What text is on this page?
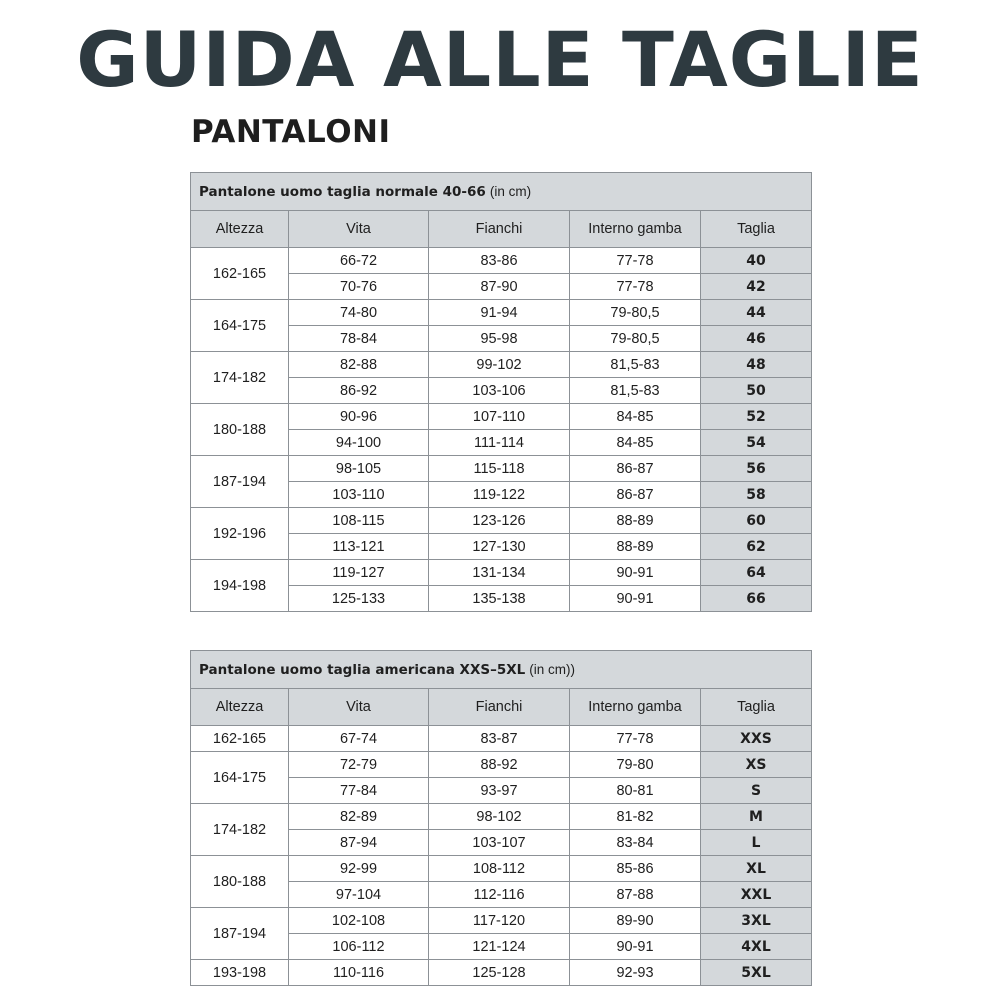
GUIDA ALLE TAGLIE
PANTALONI
Pantalone uomo taglia normale 40-66 (in cm)				
Altezza	Vita	Fianchi	Interno gamba	Taglia
162-165	66-72	83-86	77-78	40
	70-76	87-90	77-78	42
164-175	74-80	91-94	79-80,5	44
	78-84	95-98	79-80,5	46
174-182	82-88	99-102	81,5-83	48
	86-92	103-106	81,5-83	50
180-188	90-96	107-110	84-85	52
	94-100	111-114	84-85	54
187-194	98-105	115-118	86-87	56
	103-110	119-122	86-87	58
192-196	108-115	123-126	88-89	60
	113-121	127-130	88-89	62
194-198	119-127	131-134	90-91	64
	125-133	135-138	90-91	66
Pantalone uomo taglia americana XXS–5XL (in cm))				
Altezza	Vita	Fianchi	Interno gamba	Taglia
162-165	67-74	83-87	77-78	XXS
164-175	72-79	88-92	79-80	XS
	77-84	93-97	80-81	S
174-182	82-89	98-102	81-82	M
	87-94	103-107	83-84	L
180-188	92-99	108-112	85-86	XL
	97-104	112-116	87-88	XXL
187-194	102-108	117-120	89-90	3XL
	106-112	121-124	90-91	4XL
193-198	110-116	125-128	92-93	5XL
